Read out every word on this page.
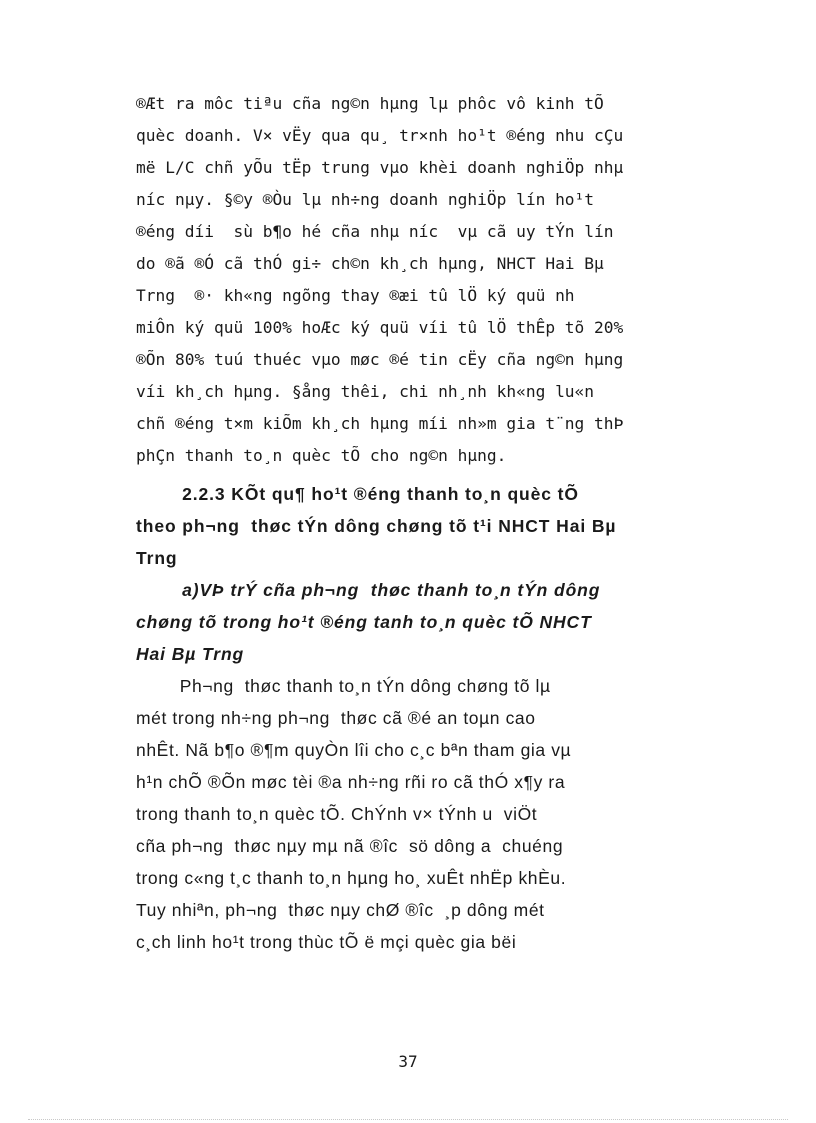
®Æt ra môc tiªu cña ng©n hµng lµ phôc vô kinh tÕ
quèc doanh. V× vËy qua qu¸ tr×nh ho¹t ®éng nhu cÇu
më L/C chñ yÕu tËp trung vµo khèi doanh nghiÖp nhµ
níc nµy. §©y ®Òu lµ nh÷ng doanh nghiÖp lín ho¹t
®éng díi  sù b¶o hé cña nhµ níc  vµ cã uy tÝn lín
do ®ã ®Ó cã thÓ gi÷ ch©n kh¸ch hµng, NHCT Hai Bµ
Trng  ®· kh«ng ngõng thay ®æi tû lÖ ký quü nh
miÔn ký quü 100% hoÆc ký quü víi tû lÖ thÊp tõ 20%
®Õn 80% tuú thuéc vµo møc ®é tin cËy cña ng©n hµng
víi kh¸ch hµng. §ång thêi, chi nh¸nh kh«ng lu«n
chñ ®éng t×m kiÕm kh¸ch hµng míi nh»m gia t¨ng thÞ
phÇn thanh to¸n quèc tÕ cho ng©n hµng.
2.2.3 KÕt qu¶ ho¹t ®éng thanh to¸n quèc tÕ
theo ph¬ng  thøc tÝn dông chøng tõ t¹i NHCT Hai Bµ
Trng
a)VÞ trÝ cña ph¬ng  thøc thanh to¸n tÝn dông
chøng tõ trong ho¹t ®éng tanh to¸n quèc tÕ NHCT
Hai Bµ Trng
Ph¬ng  thøc thanh to¸n tÝn dông chøng tõ lµ
mét trong nh÷ng ph¬ng  thøc cã ®é an toµn cao
nhÊt. Nã b¶o ®¶m quyÒn lîi cho c¸c bªn tham gia vµ
h¹n chÕ ®Õn møc tèi ®a nh÷ng rñi ro cã thÓ x¶y ra
trong thanh to¸n quèc tÕ. ChÝnh v× tÝnh u  viÖt
cña ph¬ng  thøc nµy mµ nã ®îc  sö dông a  chuéng
trong c«ng t¸c thanh to¸n hµng ho¸ xuÊt nhËp khÈu.
Tuy nhiªn, ph¬ng  thøc nµy chØ ®îc  ¸p dông mét
c¸ch linh ho¹t trong thùc tÕ ë mçi quèc gia bëi
37
